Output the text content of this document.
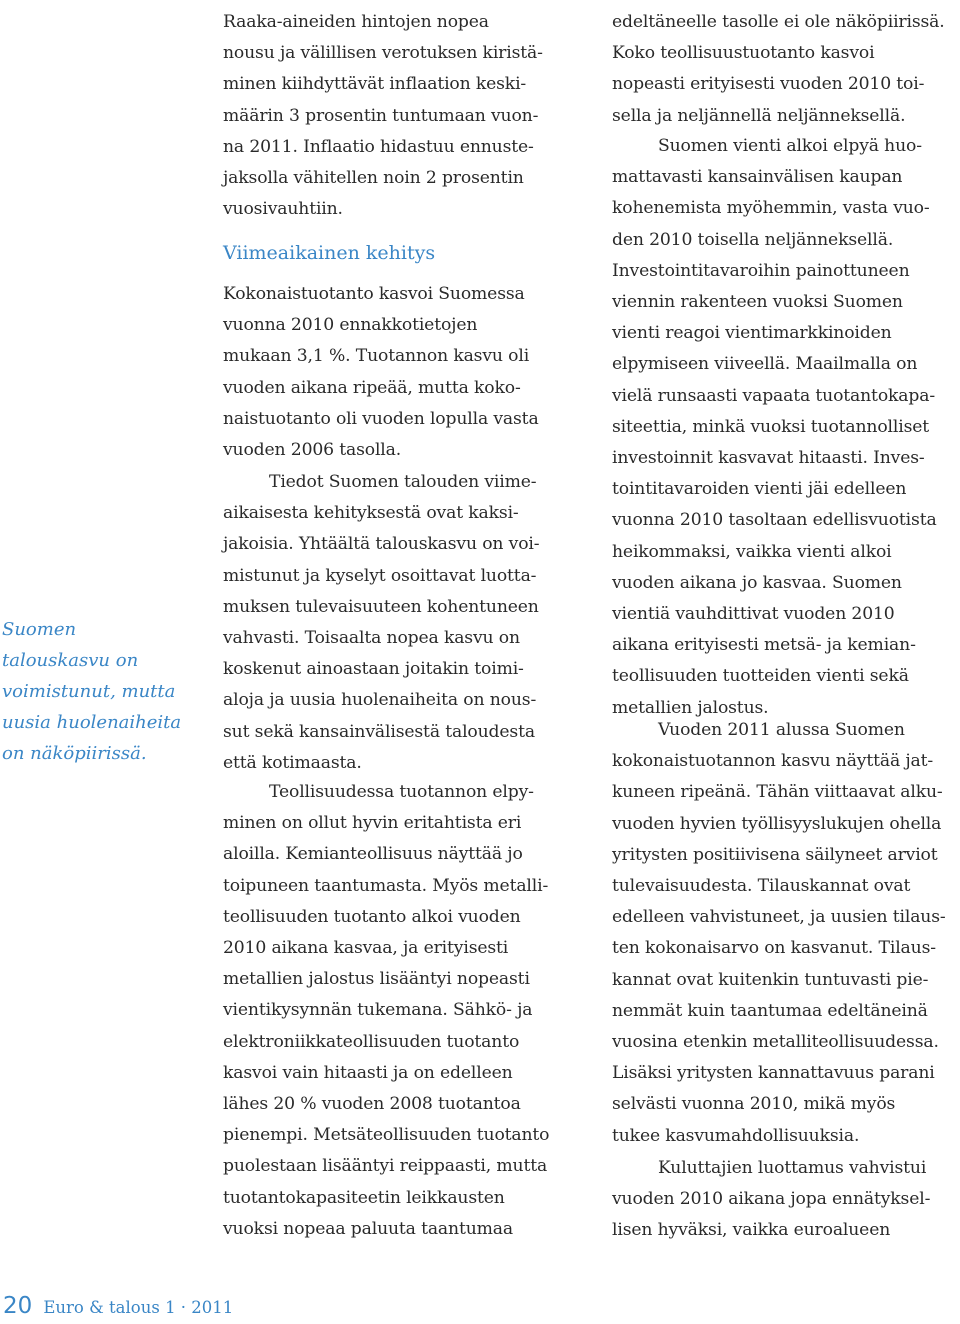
Suomen
talouskasvu on
voimistunut, mutta
uusia huolenaiheita
on näköpiirissä.
Raaka-aineiden hintojen nopea
nousu ja välillisen verotuksen kiristä-
minen kiihdyttävät inflaation keski-
määrin 3 prosentin tuntumaan vuon-
na 2011. Inflaatio hidastuu ennuste-
jaksolla vähitellen noin 2 prosentin
vuosivauhtiin.
Viimeaikainen kehitys
Kokonaistuotanto kasvoi Suomessa
vuonna 2010 ennakkotietojen
mukaan 3,1 %. Tuotannon kasvu oli
vuoden aikana ripeää, mutta koko-
naistuotanto oli vuoden lopulla vasta
vuoden 2006 tasolla.
Tiedot Suomen talouden viime-
aikaisesta kehityksestä ovat kaksi-
jakoisia. Yhtäältä talouskasvu on voi-
mistunut ja kyselyt osoittavat luotta-
muksen tulevaisuuteen kohentuneen
vahvasti. Toisaalta nopea kasvu on
koskenut ainoastaan joitakin toimi-
aloja ja uusia huolenaiheita on nous-
sut sekä kansainvälisestä taloudesta
että kotimaasta.
Teollisuudessa tuotannon elpy-
minen on ollut hyvin eritahtista eri
aloilla. Kemianteollisuus näyttää jo
toipuneen taantumasta. Myös metalli-
teollisuuden tuotanto alkoi vuoden
2010 aikana kasvaa, ja erityisesti
metallien jalostus lisääntyi nopeasti
vientikysynnän tukemana. Sähkö- ja
elektroniikkateollisuuden tuotanto
kasvoi vain hitaasti ja on edelleen
lähes 20 % vuoden 2008 tuotantoa
pienempi. Metsäteollisuuden tuotanto
puolestaan lisääntyi reippaasti, mutta
tuotantokapasiteetin leikkausten
vuoksi nopeaa paluuta taantumaa
edeltäneelle tasolle ei ole näköpiirissä.
Koko teollisuustuotanto kasvoi
nopeasti erityisesti vuoden 2010 toi-
sella ja neljännellä neljänneksellä.
Suomen vienti alkoi elpyä huo-
mattavasti kansainvälisen kaupan
kohenemista myöhemmin, vasta vuo-
den 2010 toisella neljänneksellä.
Investointitavaroihin painottuneen
viennin rakenteen vuoksi Suomen
vienti reagoi vientimarkkinoiden
elpymiseen viiveellä. Maailmalla on
vielä runsaasti vapaata tuotantokapa-
siteettia, minkä vuoksi tuotannolliset
investoinnit kasvavat hitaasti. Inves-
tointitavaroiden vienti jäi edelleen
vuonna 2010 tasoltaan edellisvuotista
heikommaksi, vaikka vienti alkoi
vuoden aikana jo kasvaa. Suomen
vientiä vauhdittivat vuoden 2010
aikana erityisesti metsä- ja kemian-
teollisuuden tuotteiden vienti sekä
metallien jalostus.
Vuoden 2011 alussa Suomen
kokonaistuotannon kasvu näyttää jat-
kuneen ripeänä. Tähän viittaavat alku-
vuoden hyvien työllisyyslukujen ohella
yritysten positiivisena säilyneet arviot
tulevaisuudesta. Tilauskannat ovat
edelleen vahvistuneet, ja uusien tilaus-
ten kokonaisarvo on kasvanut. Tilaus-
kannat ovat kuitenkin tuntuvasti pie-
nemmät kuin taantumaa edeltäneinä
vuosina etenkin metalliteollisuudessa.
Lisäksi yritysten kannattavuus parani
selvästi vuonna 2010, mikä myös
tukee kasvumahdollisuuksia.
Kuluttajien luottamus vahvistui
vuoden 2010 aikana jopa ennätyksel-
lisen hyväksi, vaikka euroalueen
20 Euro & talous 1 · 2011
